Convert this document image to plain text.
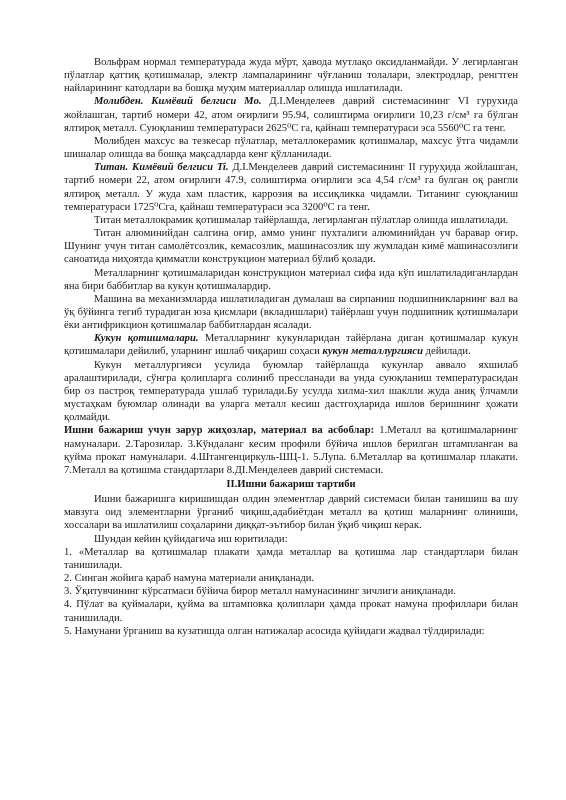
Вольфрам нормал температурада жуда мўрт, ҳавода мутлақо оксидланмайди. У легирланган пўлатлар қаттиқ қотишмалар, электр лампаларининг чўғланиш толалари, электродлар, ренгтген найларининг катодлари ва бошқа муҳим материаллар олишда ишлатилади.

Молибден. Кимёвий белгиси Mo. Д.I.Менделеев даврий системасининг VI гурухида жойлашган, тартиб номери 42, атом оғирлиги 95.94, солиштирма оғирлиги 10,23 г/см³ га бўлган ялтироқ металл. Суюқланиш температураси 2625⁰С га, қайнаш температураси эса 5560⁰С га тенг.

Молибден махсус ва тезкесар пўлатлар, металлокерамик қотишмалар, махсус ўтга чидамли шишалар олишда ва бошқа мақсадларда кенг қўлланилади.

Титан. Кимёвий белгиси Ti. Д.I.Менделеев даврий системасининг II гуруҳида жойлашган, тартиб номери 22, атом оғирлиги 47.9, солиштирма оғирлиги эса 4,54 г/см³ га булган оқ рангли ялтироқ металл. У жуда хам пластик, каррозия ва иссиқликка чидамли. Титанинг суюқланиш температураси 1725⁰Сга, қайнаш температураси эса 3200⁰С га тенг.

Титан металлокрамик қотишмалар тайёрлашда, легирланган пўлатлар олишда ишлатилади.

Титан алюминийдан салгина оғир, аммо унинг пухталиги алюминийдан уч баравар оғир. Шунинг учун титан самолётсозлик, кемасозлик, машинасозлик шу жумладан кимё машинасозлиги саноатида ниҳоятда қимматли конструкцион материал бўлиб қолади.

Металларнинг қотишмаларидан конструкцион материал сифа ида кўп ишлатиладиганлардан яна бири баббитлар ва кукун қотишмалардир.

Машина ва механизмларда ишлатиладиган думалаш ва сирпаниш подшипникларнинг вал ва ўқ бўйинга тегиб турадиган юза қисмлари (вкладишлари) тайёрлаш учун подшипник қотишмалари ёки антифрикцион қотишмалар баббитлардан ясалади.

Кукун қотишмалари. Металларнинг кукунларидан тайёрлана диган қотишмалар кукун қотишмалари дейилиб, уларнинг ишлаб чиқариш соҳаси кукун металлургияси дейилади.

Кукун металлургияси усулида буюмлар тайёрлашда кукунлар аввало яхшилаб аралаштирилади, сўнгра қолипларга солиниб прессланади ва унда суюқланиш температурасидан бир оз пастроқ температурада ушлаб турилади.Бу усулда хилма-хил шаклли жуда аниқ ўлчамли мустаҳкам буюмлар олинади ва уларга металл кесиш дастгоҳларида ишлов беришнинг ҳожати қолмайди.

Ишни бажариш учун зарур жиҳозлар, материал ва асбоблар: 1.Металл ва қотишмаларнинг намуналари. 2.Тарозилар. 3.Кўндаланг кесим профили бўйича ишлов берилган штампланган ва қуйма прокат намуналари. 4.Штангенциркуль-ШЦ-1. 5.Лупа. 6.Металлар ва қотишмалар плакати. 7.Металл ва қотишма стандартлари 8.ДI.Менделеев даврий системаси.

II.Ишни бажариш тартиби

Ишни бажаришга киришишдан олдин элементлар даврий системаси билан танишиш ва шу мавзуга оид элементларни ўрганиб чиқиш,адабиётдан металл ва қотиш маларнинг олиниши, хоссалари ва ишлатилиш соҳаларини диққат-эътибор билан ўқиб чиқиш керак.

Шундан кейин қуйидагича иш юритилади:

1. «Металлар ва қотишмалар плакати ҳамда металлар ва қотишма лар стандартлари билан танишилади.

2. Синган жойига қараб намуна материали аниқланади.

3. Ўқитувчининг кўрсатмаси бўйича бирор металл намунасининг зичлиги аниқланади.

4. Пўлат ва қуймалари, қуйма ва штамповка қолиплари ҳамда прокат намуна профиллари билан танишилади.

5. Намунани ўрганиш ва кузатишда олган натижалар асосида қуйидаги жадвал тўлдирилади:
